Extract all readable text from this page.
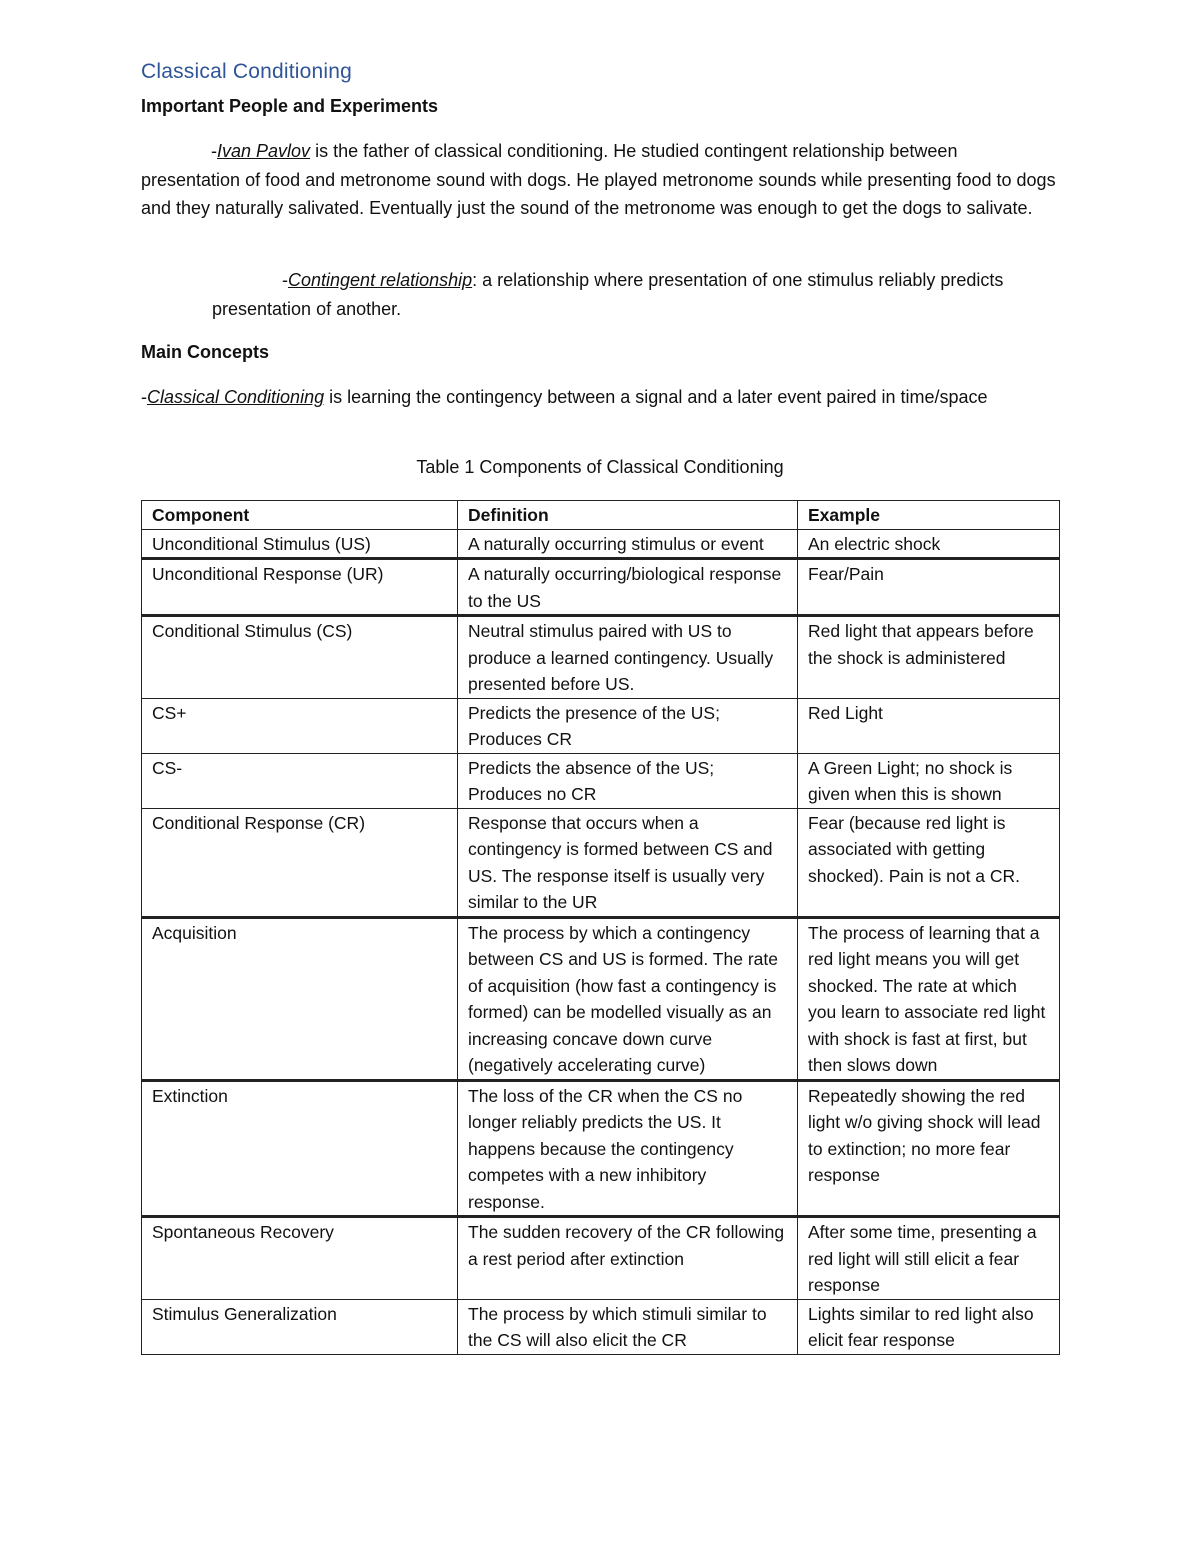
Classical Conditioning
Important People and Experiments

-Ivan Pavlov is the father of classical conditioning. He studied contingent relationship between presentation of food and metronome sound with dogs. He played metronome sounds while presenting food to dogs and they naturally salivated. Eventually just the sound of the metronome was enough to get the dogs to salivate.

-Contingent relationship: a relationship where presentation of one stimulus reliably predicts presentation of another.

Main Concepts

-Classical Conditioning is learning the contingency between a signal and a later event paired in time/space

Table 1 Components of Classical Conditioning
Component	Definition	Example
Unconditional Stimulus (US)	A naturally occurring stimulus or event	An electric shock
Unconditional Response (UR)	A naturally occurring/biological response to the US	Fear/Pain
Conditional Stimulus (CS)	Neutral stimulus paired with US to produce a learned contingency. Usually presented before US.	Red light that appears before the shock is administered
CS+	Predicts the presence of the US; Produces CR	Red Light
CS-	Predicts the absence of the US; Produces no CR	A Green Light; no shock is given when this is shown
Conditional Response (CR)	Response that occurs when a contingency is formed between CS and US. The response itself is usually very similar to the UR	Fear (because red light is associated with getting shocked). Pain is not a CR.
Acquisition	The process by which a contingency between CS and US is formed. The rate of acquisition (how fast a contingency is formed) can be modelled visually as an increasing concave down curve (negatively accelerating curve)	The process of learning that a red light means you will get shocked. The rate at which you learn to associate red light with shock is fast at first, but then slows down
Extinction	The loss of the CR when the CS no longer reliably predicts the US. It happens because the contingency competes with a new inhibitory response.	Repeatedly showing the red light w/o giving shock will lead to extinction; no more fear response
Spontaneous Recovery	The sudden recovery of the CR following a rest period after extinction	After some time, presenting a red light will still elicit a fear response
Stimulus Generalization	The process by which stimuli similar to the CS will also elicit the CR	Lights similar to red light also elicit fear response
